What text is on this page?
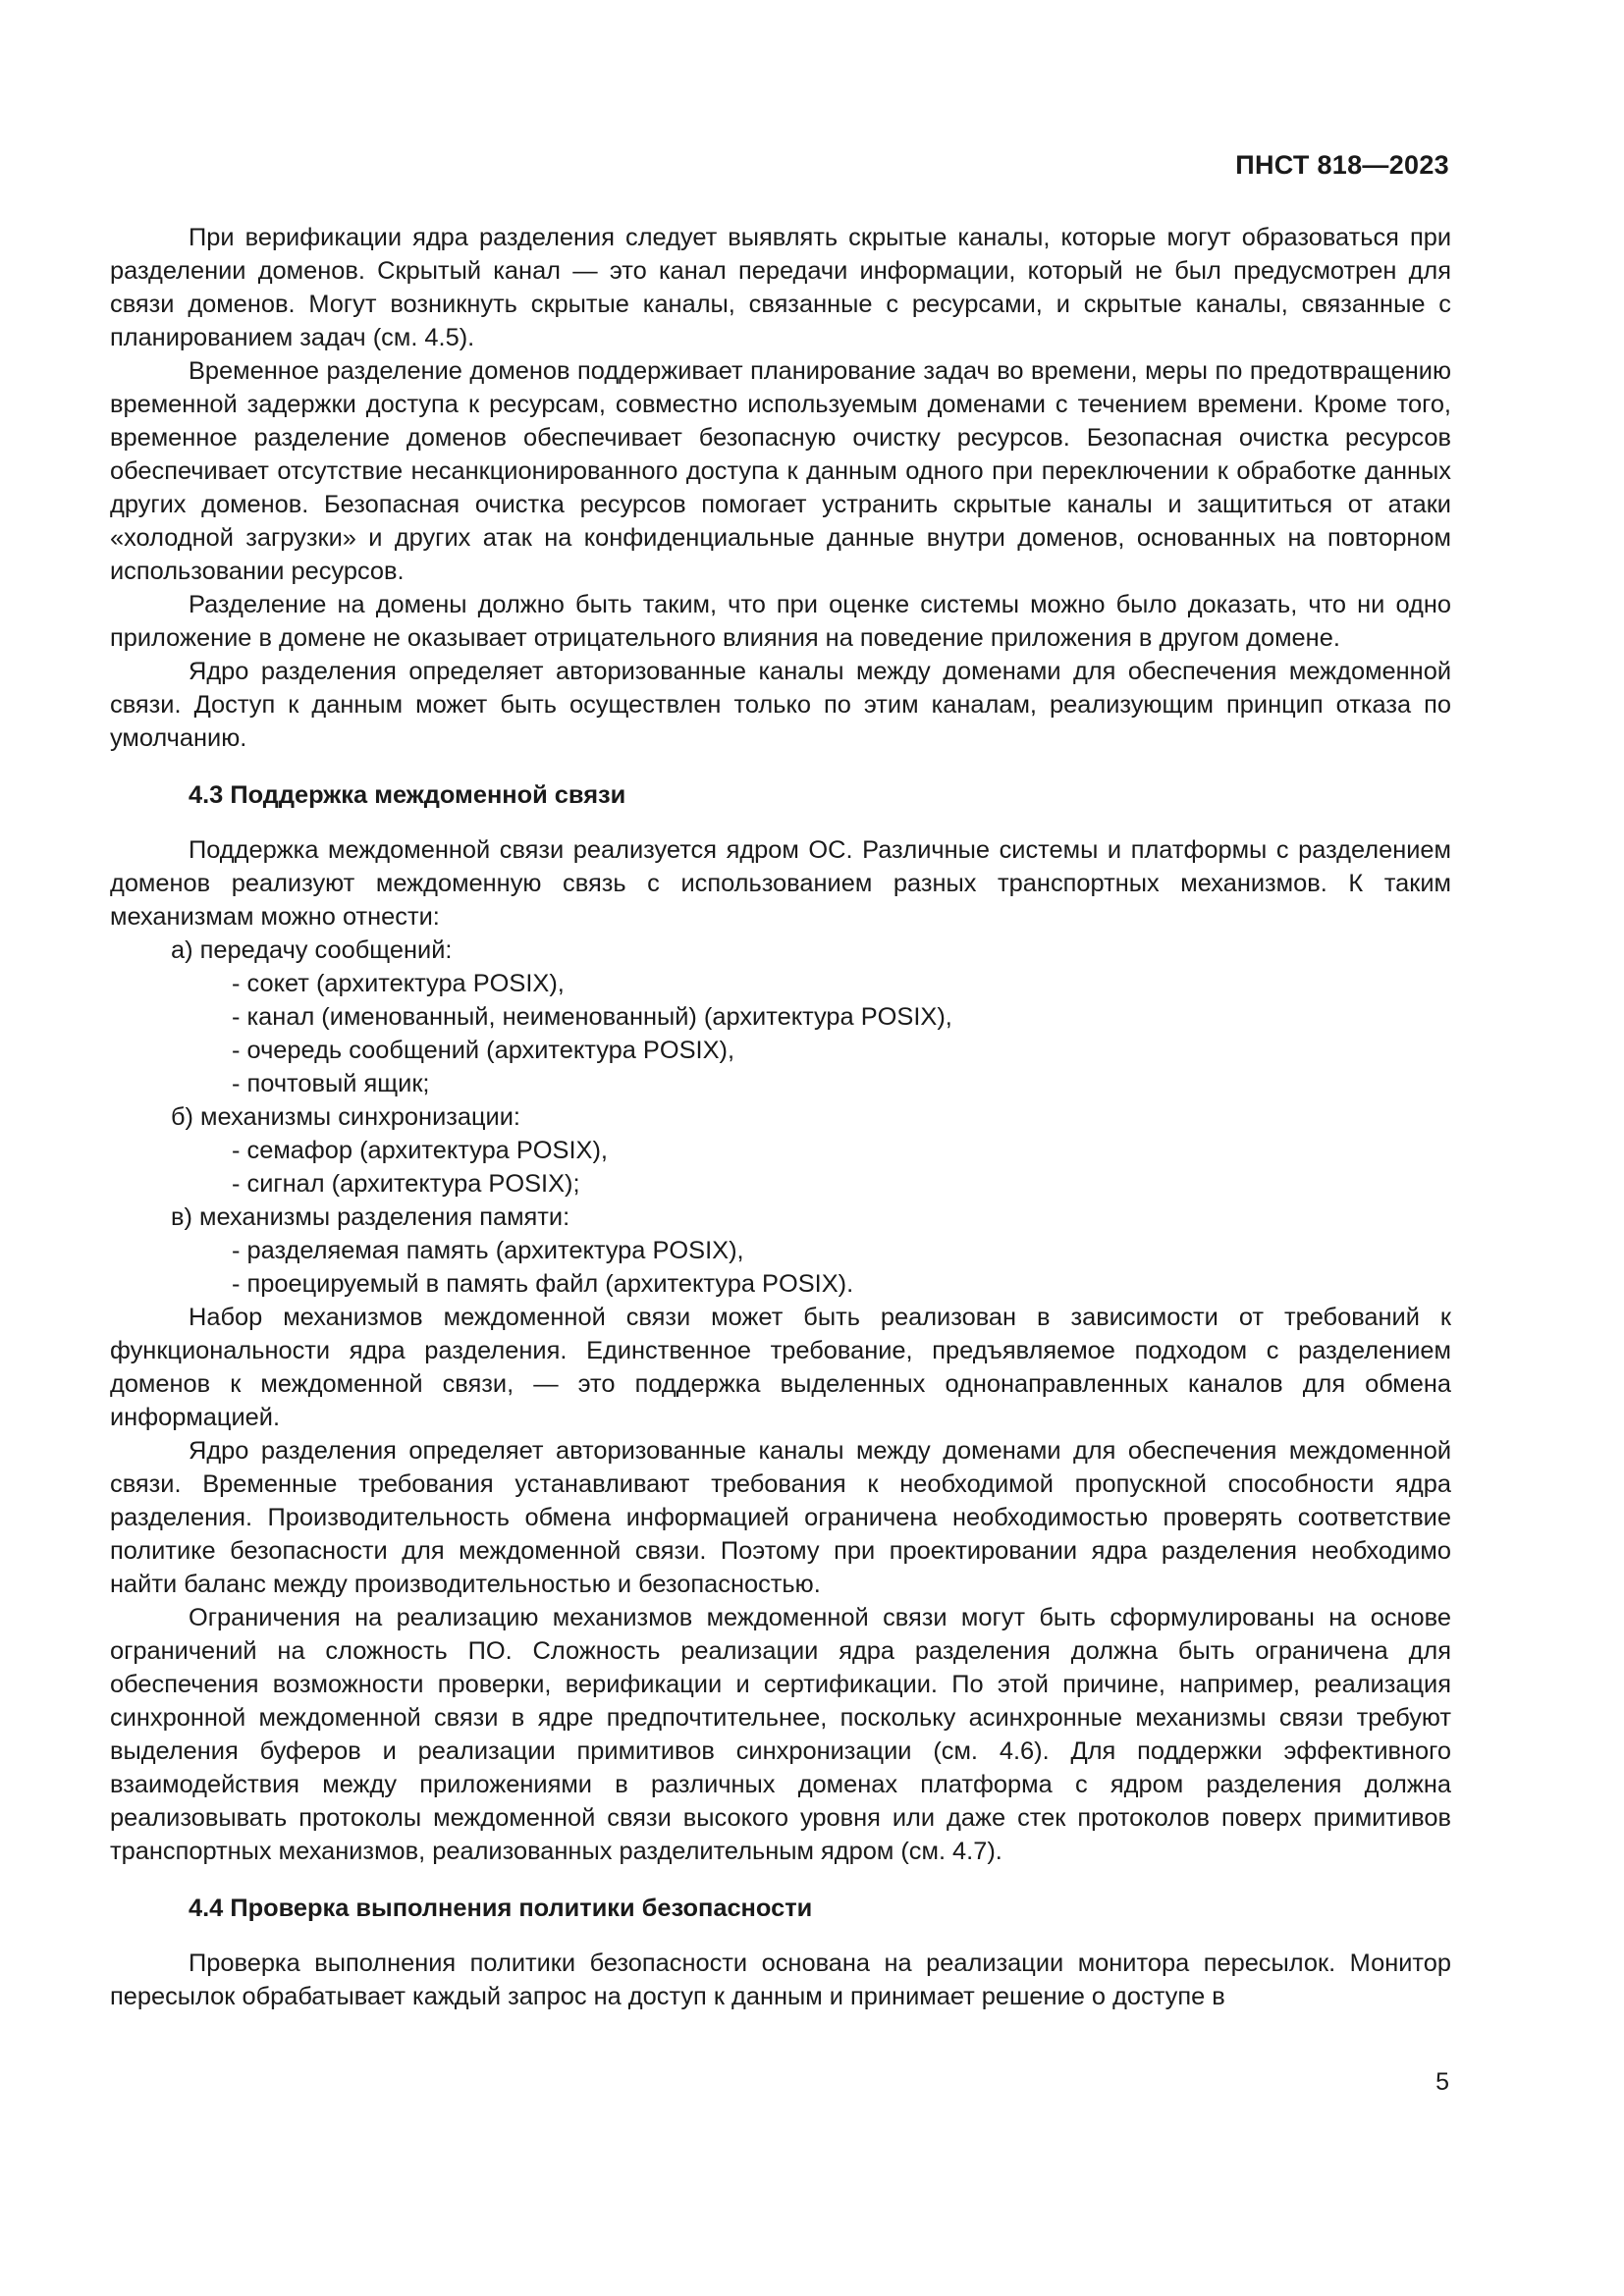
ПНСТ 818—2023

При верификации ядра разделения следует выявлять скрытые каналы, которые могут образоваться при разделении доменов. Скрытый канал — это канал передачи информации, который не был предусмотрен для связи доменов. Могут возникнуть скрытые каналы, связанные с ресурсами, и скрытые каналы, связанные с планированием задач (см. 4.5).

Временное разделение доменов поддерживает планирование задач во времени, меры по предотвращению временной задержки доступа к ресурсам, совместно используемым доменами с течением времени. Кроме того, временное разделение доменов обеспечивает безопасную очистку ресурсов. Безопасная очистка ресурсов обеспечивает отсутствие несанкционированного доступа к данным одного при переключении к обработке данных других доменов. Безопасная очистка ресурсов помогает устранить скрытые каналы и защититься от атаки «холодной загрузки» и других атак на конфиденциальные данные внутри доменов, основанных на повторном использовании ресурсов.

Разделение на домены должно быть таким, что при оценке системы можно было доказать, что ни одно приложение в домене не оказывает отрицательного влияния на поведение приложения в другом домене.

Ядро разделения определяет авторизованные каналы между доменами для обеспечения междоменной связи. Доступ к данным может быть осуществлен только по этим каналам, реализующим принцип отказа по умолчанию.

4.3 Поддержка междоменной связи

Поддержка междоменной связи реализуется ядром ОС. Различные системы и платформы с разделением доменов реализуют междоменную связь с использованием разных транспортных механизмов. К таким механизмам можно отнести:

а) передачу сообщений:
- сокет (архитектура POSIX),
- канал (именованный, неименованный) (архитектура POSIX),
- очередь сообщений (архитектура POSIX),
- почтовый ящик;
б) механизмы синхронизации:
- семафор (архитектура POSIX),
- сигнал (архитектура POSIX);
в) механизмы разделения памяти:
- разделяемая память (архитектура POSIX),
- проецируемый в память файл (архитектура POSIX).

Набор механизмов междоменной связи может быть реализован в зависимости от требований к функциональности ядра разделения. Единственное требование, предъявляемое подходом с разделением доменов к междоменной связи, — это поддержка выделенных однонаправленных каналов для обмена информацией.

Ядро разделения определяет авторизованные каналы между доменами для обеспечения междоменной связи. Временные требования устанавливают требования к необходимой пропускной способности ядра разделения. Производительность обмена информацией ограничена необходимостью проверять соответствие политике безопасности для междоменной связи. Поэтому при проектировании ядра разделения необходимо найти баланс между производительностью и безопасностью.

Ограничения на реализацию механизмов междоменной связи могут быть сформулированы на основе ограничений на сложность ПО. Сложность реализации ядра разделения должна быть ограничена для обеспечения возможности проверки, верификации и сертификации. По этой причине, например, реализация синхронной междоменной связи в ядре предпочтительнее, поскольку асинхронные механизмы связи требуют выделения буферов и реализации примитивов синхронизации (см. 4.6). Для поддержки эффективного взаимодействия между приложениями в различных доменах платформа с ядром разделения должна реализовывать протоколы междоменной связи высокого уровня или даже стек протоколов поверх примитивов транспортных механизмов, реализованных разделительным ядром (см. 4.7).

4.4 Проверка выполнения политики безопасности

Проверка выполнения политики безопасности основана на реализации монитора пересылок. Монитор пересылок обрабатывает каждый запрос на доступ к данным и принимает решение о доступе в

5
